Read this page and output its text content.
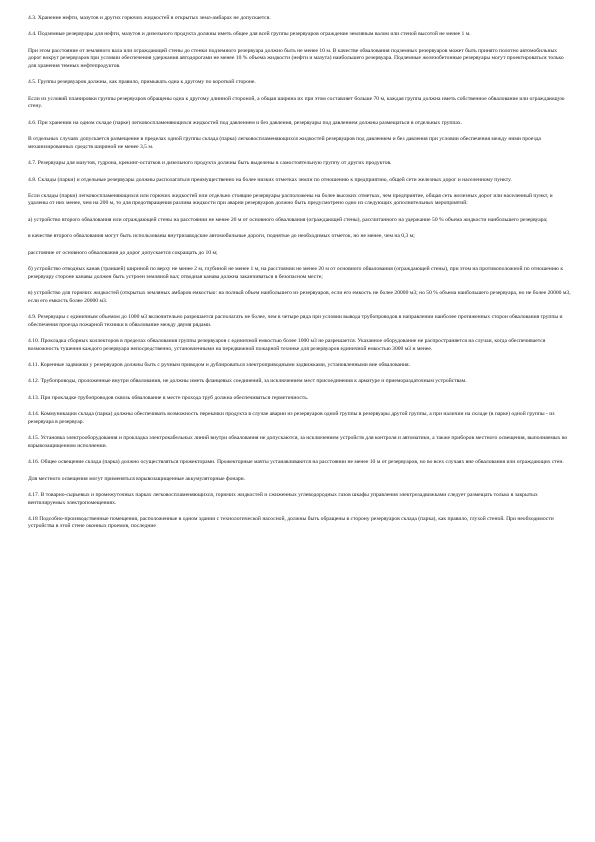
4.3. Хранение нефти, мазутов и других горючих жидкостей в открытых земл-амбарах не допускается.

4.4. Подземные резервуары для нефти, мазутов и дизельного продукта должны иметь общее для всей группы резервуаров ограждение земляным валом или стеной высотой не менее 1 м.

При этом расстояние от земляного вала или ограждающей стены до стенки подземного резервуара должно быть не менее 10 м. В качестве обвалования подземных резервуаров может быть принято полотно автомобильных дорог вокруг резервуаров при условии обеспечения удержания автодорогами не менее 10 % объема жидкости (нефти и мазута) наибольшего резервуара. Подземные железобетонные резервуары могут проектироваться только для хранения темных нефтепродуктов.

4.5. Группы резервуаров должны, как правило, примыкать одна к другому по короткой стороне.

Если из условий планировки группы резервуаров обращены одна к другому длинной стороной, а общая ширина их при этом составляет больше 70 м, каждая группа должна иметь собственное обвалование или ограждающую стену.

4.6. При хранении на одном складе (парке) легковоспламеняющихся жидкостей под давлением и без давления, резервуары под давлением должны размещаться в отдельных группах.

В отдельных случаях допускается размещение в пределах одной группы склада (парка) легковоспламеняющихся жидкостей резервуаров под давлением и без давления при условии обеспечения между ними проезда механизированных средств шириной не менее 3,5 м.

4.7. Резервуары для мазутов, гудрона, крекинг-остатков и дизельного продукта должны быть выделены в самостоятельную группу от других продуктов.

4.8. Склады (парки) и отдельные резервуары должны располагаться преимущественно на более низких отметках земли по отношению к предприятию, общей сети железных дорог и населенному пункту.

Если склады (парки) легковоспламеняющихся или горючих жидкостей или отдельно стоящие резервуары расположены на более высоких отметках, чем предприятие, общая сеть железных дорог или населенный пункт, и удалены от них менее, чем на 200 м, то для предотвращения разлива жидкости при аварии резервуаров должно быть предусмотрено одно из следующих дополнительных мероприятий:

а) устройство второго обвалования или ограждающей стены на расстоянии не менее 20 м от основного обвалования (ограждающей стены), рассчитанного на удержание 50 % объема жидкости наибольшего резервуара;

в качестве второго обвалования могут быть использованы внутризаводские автомобильные дороги, поднятые до необходимых отметок, но не менее, чем на 0,3 м;

расстояние от основного обвалования до дорог допускается сокращать до 10 м;

б) устройство отводных канав (траншей) шириной по верху не менее 2 м, глубиной не менее 1 м, на расстоянии не менее 20 м от основного обвалования (ограждающей стены), при этом на противоположной по отношению к резервуару стороне канавы должен быть устроен земляной вал; отводная канава должна заканчиваться в безопасном месте;

в) устройство для горючих жидкостей (открытых земляных амбаров емкостью: на полный объем наибольшего из резервуаров, если его емкость не более 20000 м3; но 50 % объема наибольшего резервуара, но не более 20000 м3, если его емкость более 20000 м3.

4.9. Резервуары с единичным объемом до 1000 м3 включительно разрешается располагать не более, чем в четыре ряда при условии вывода трубопроводов в направлении наиболее протяженных сторон обвалования группы и обеспечения проезда пожарной техники в обвалование между двумя рядами.

4.10. Прокладка сборных коллекторов в пределах обвалования группы резервуаров с единичной емкостью более 1000 м3 не разрешается. Указанное оборудование не распространяется на случаи, когда обеспечивается возможность тушения каждого резервуара непосредственно, установленными на передвижной пожарной технике для резервуаров единичной емкостью 3000 м3 и менее.

4.11. Коренные задвижки у резервуаров должны быть с ручным приводом и дублироваться электроприводными задвижками, установленными вне обвалования.

4.12. Трубопроводы, проложенные внутри обвалования, не должны иметь фланцевых соединений, за исключением мест присоединения к арматуре и приемораздаточным устройствам.

4.13. При прокладке трубопроводов сквозь обвалование в месте прохода труб должна обеспечиваться герметичность.

4.14. Коммуникации склада (парка) должны обеспечивать возможность перекачки продукта в случае аварии из резервуаров одной группы в резервуары другой группы, а при наличии на складе (в парке) одной группы - из резервуара в резервуар.

4.15. Установка электрооборудования и прокладка электрокабельных линий внутри обвалования не допускаются, за исключением устройств для контроля и автоматики, а также приборов местного освещения, выполняемых во взрывозащищенном исполнении.

4.16. Общее освещение склада (парка) должно осуществляться прожекторами. Прожекторные мачты устанавливаются на расстоянии не менее 10 м от резервуаров, но во всех случаях вне обвалования или ограждающих стен.

Для местного освещения могут применяться взрывозащищенные аккумуляторные фонари.

4.17. В товарно-сырьевых и промежуточных парках легковоспламеняющихся, горючих жидкостей и сжиженных углеводородных газов шкафы управления электрозадвижками следует размещать только в закрытых вентилируемых электропомещениях.

4.18 Подсобно-производственные помещения, расположенные в одном здании с технологической насосной, должны быть обращены в сторону резервуаров склада (парка), как правило, глухой стеной. При необходимости устройства в этой стене оконных проемов, последние
